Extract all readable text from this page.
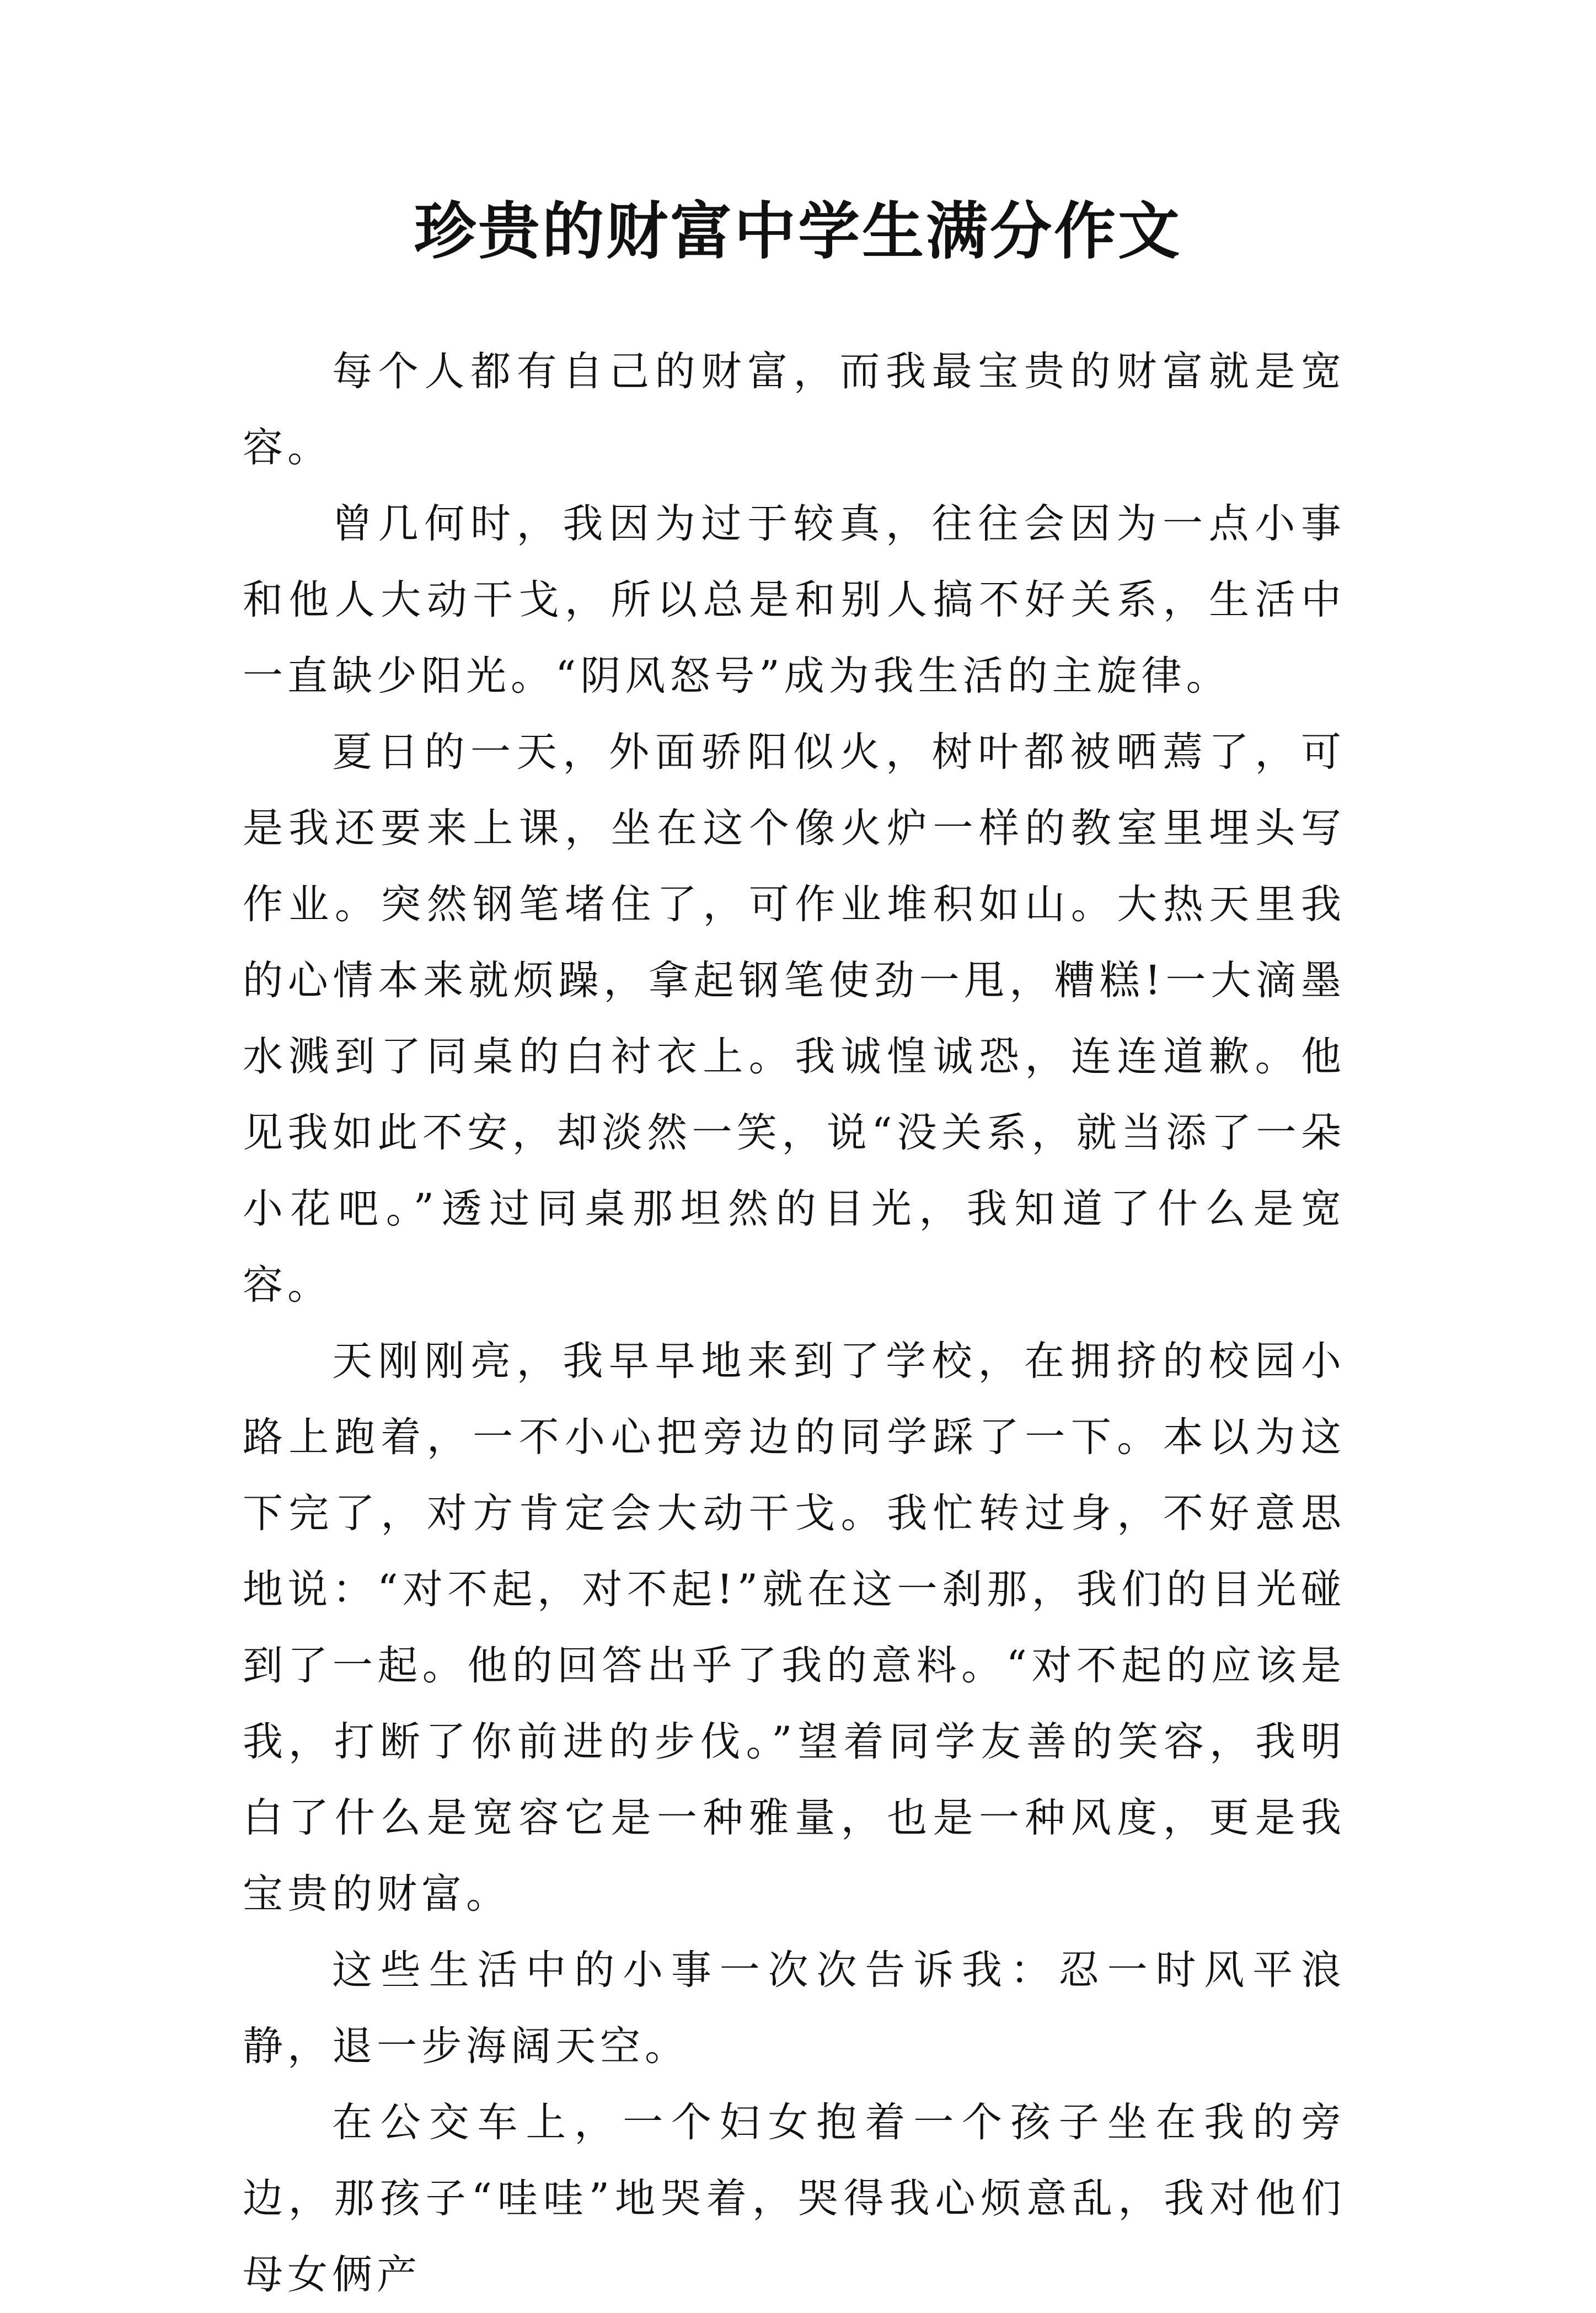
珍贵的财富中学生满分作文

每个人都有自己的财富，而我最宝贵的财富就是宽容。

曾几何时，我因为过于较真，往往会因为一点小事和他人大动干戈，所以总是和别人搞不好关系，生活中一直缺少阳光。“阴风怒号”成为我生活的主旋律。

夏日的一天，外面骄阳似火，树叶都被晒蔫了，可是我还要来上课，坐在这个像火炉一样的教室里埋头写作业。突然钢笔堵住了，可作业堆积如山。大热天里我的心情本来就烦躁，拿起钢笔使劲一甩，糟糕!一大滴墨水溅到了同桌的白衬衣上。我诚惶诚恐，连连道歉。他见我如此不安，却淡然一笑，说“没关系，就当添了一朵小花吧。”透过同桌那坦然的目光，我知道了什么是宽容。

天刚刚亮，我早早地来到了学校，在拥挤的校园小路上跑着，一不小心把旁边的同学踩了一下。本以为这下完了，对方肯定会大动干戈。我忙转过身，不好意思地说：“对不起，对不起!”就在这一刹那，我们的目光碰到了一起。他的回答出乎了我的意料。“对不起的应该是我，打断了你前进的步伐。”望着同学友善的笑容，我明白了什么是宽容它是一种雅量，也是一种风度，更是我宝贵的财富。

这些生活中的小事一次次告诉我：忍一时风平浪静，退一步海阔天空。

在公交车上，一个妇女抱着一个孩子坐在我的旁边，那孩子“哇哇”地哭着，哭得我心烦意乱，我对他们母女俩产
